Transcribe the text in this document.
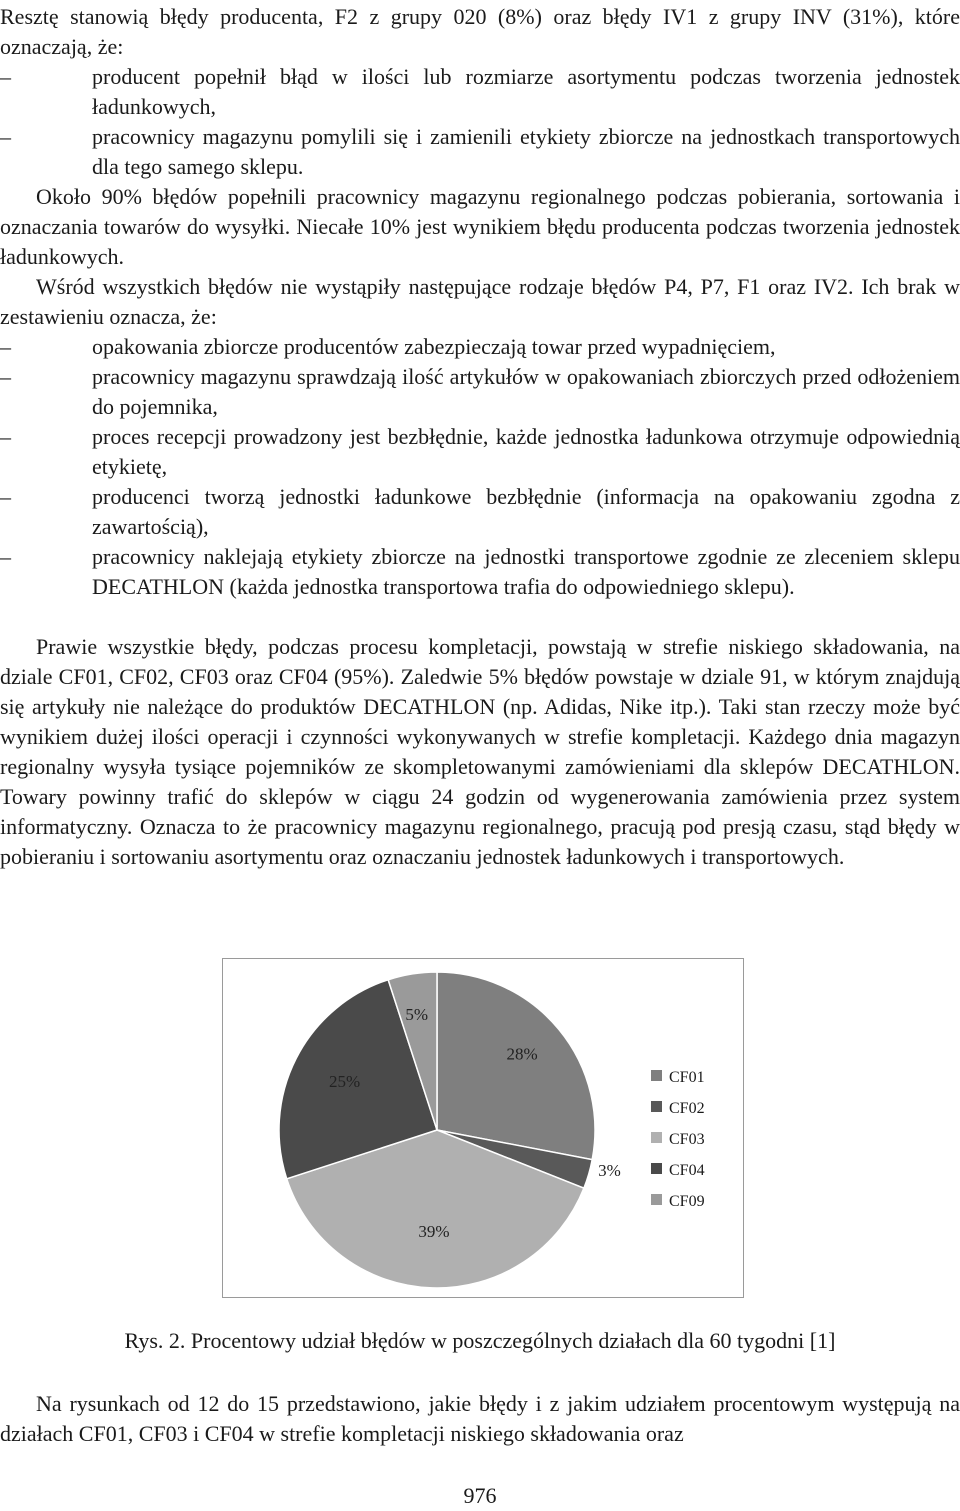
Resztę stanowią błędy producenta, F2 z grupy 020 (8%) oraz błędy IV1 z grupy INV (31%), które oznaczają, że:
–	producent popełnił błąd w ilości lub rozmiarze asortymentu podczas tworzenia jednostek ładunkowych,
–	pracownicy magazynu pomylili się i zamienili etykiety zbiorcze na jednostkach transportowych dla tego samego sklepu.
Około 90% błędów popełnili pracownicy magazynu regionalnego podczas pobierania, sortowania i oznaczania towarów do wysyłki. Niecałe 10% jest wynikiem błędu producenta podczas tworzenia jednostek ładunkowych.
Wśród wszystkich błędów nie wystąpiły następujące rodzaje błędów P4, P7, F1 oraz IV2. Ich brak w zestawieniu oznacza, że:
–	opakowania zbiorcze producentów zabezpieczają towar przed wypadnięciem,
–	pracownicy magazynu sprawdzają ilość artykułów w opakowaniach zbiorczych przed odłożeniem do pojemnika,
–	proces recepcji prowadzony jest bezbłędnie, każde jednostka ładunkowa otrzymuje odpowiednią etykietę,
–	producenci tworzą jednostki ładunkowe bezbłędnie (informacja na opakowaniu zgodna z zawartością),
–	pracownicy naklejają etykiety zbiorcze na jednostki transportowe zgodnie ze zleceniem sklepu DECATHLON (każda jednostka transportowa trafia do odpowiedniego sklepu).
Prawie wszystkie błędy, podczas procesu kompletacji, powstają w strefie niskiego składowania, na dziale CF01, CF02, CF03 oraz CF04 (95%). Zaledwie 5% błędów powstaje w dziale 91, w którym znajdują się artykuły nie należące do produktów DECATHLON (np. Adidas, Nike itp.). Taki stan rzeczy może być wynikiem dużej ilości operacji i czynności wykonywanych w strefie kompletacji. Każdego dnia magazyn regionalny wysyła tysiące pojemników ze skompletowanymi zamówieniami dla sklepów DECATHLON. Towary powinny trafić do sklepów w ciągu 24 godzin od wygenerowania zamówienia przez system informatyczny. Oznacza to że pracownicy magazynu regionalnego, pracują pod presją czasu, stąd błędy w pobieraniu i sortowaniu asortymentu oraz oznaczaniu jednostek ładunkowych i transportowych.
28%
3%
39%
25%
5%
CF01
CF02
CF03
CF04
CF09
Rys. 2. Procentowy udział błędów w poszczególnych działach dla 60 tygodni [1]
Na rysunkach od 12 do 15 przedstawiono, jakie błędy i z jakim udziałem procentowym występują na działach CF01, CF03 i CF04 w strefie kompletacji niskiego składowania oraz
976
